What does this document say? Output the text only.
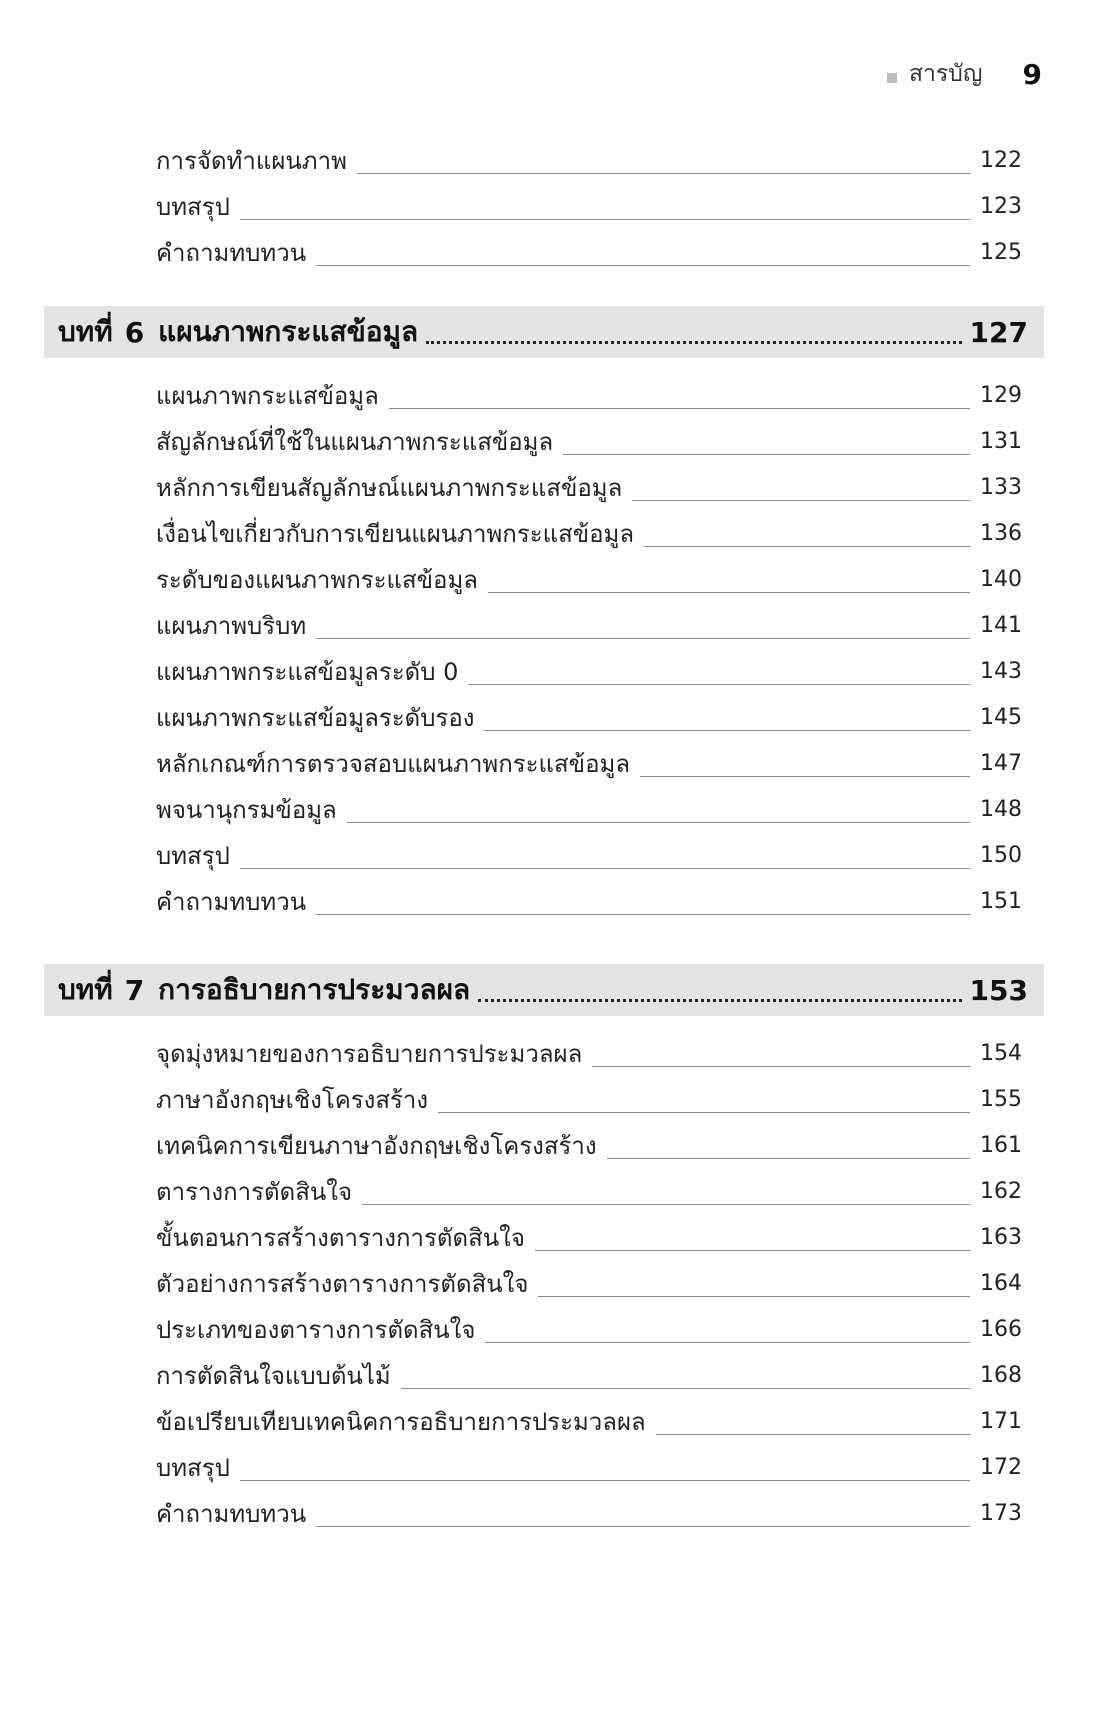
สารบัญ 9
การจัดทำแผนภาพ	122
บทสรุป	123
คำถามทบทวน	125
บทที่ 6 แผนภาพกระแสข้อมูล	127
แผนภาพกระแสข้อมูล	129
สัญลักษณ์ที่ใช้ในแผนภาพกระแสข้อมูล	131
หลักการเขียนสัญลักษณ์แผนภาพกระแสข้อมูล	133
เงื่อนไขเกี่ยวกับการเขียนแผนภาพกระแสข้อมูล	136
ระดับของแผนภาพกระแสข้อมูล	140
แผนภาพบริบท	141
แผนภาพกระแสข้อมูลระดับ 0	143
แผนภาพกระแสข้อมูลระดับรอง	145
หลักเกณฑ์การตรวจสอบแผนภาพกระแสข้อมูล	147
พจนานุกรมข้อมูล	148
บทสรุป	150
คำถามทบทวน	151
บทที่ 7 การอธิบายการประมวลผล	153
จุดมุ่งหมายของการอธิบายการประมวลผล	154
ภาษาอังกฤษเชิงโครงสร้าง	155
เทคนิคการเขียนภาษาอังกฤษเชิงโครงสร้าง	161
ตารางการตัดสินใจ	162
ขั้นตอนการสร้างตารางการตัดสินใจ	163
ตัวอย่างการสร้างตารางการตัดสินใจ	164
ประเภทของตารางการตัดสินใจ	166
การตัดสินใจแบบต้นไม้	168
ข้อเปรียบเทียบเทคนิคการอธิบายการประมวลผล	171
บทสรุป	172
คำถามทบทวน	173
